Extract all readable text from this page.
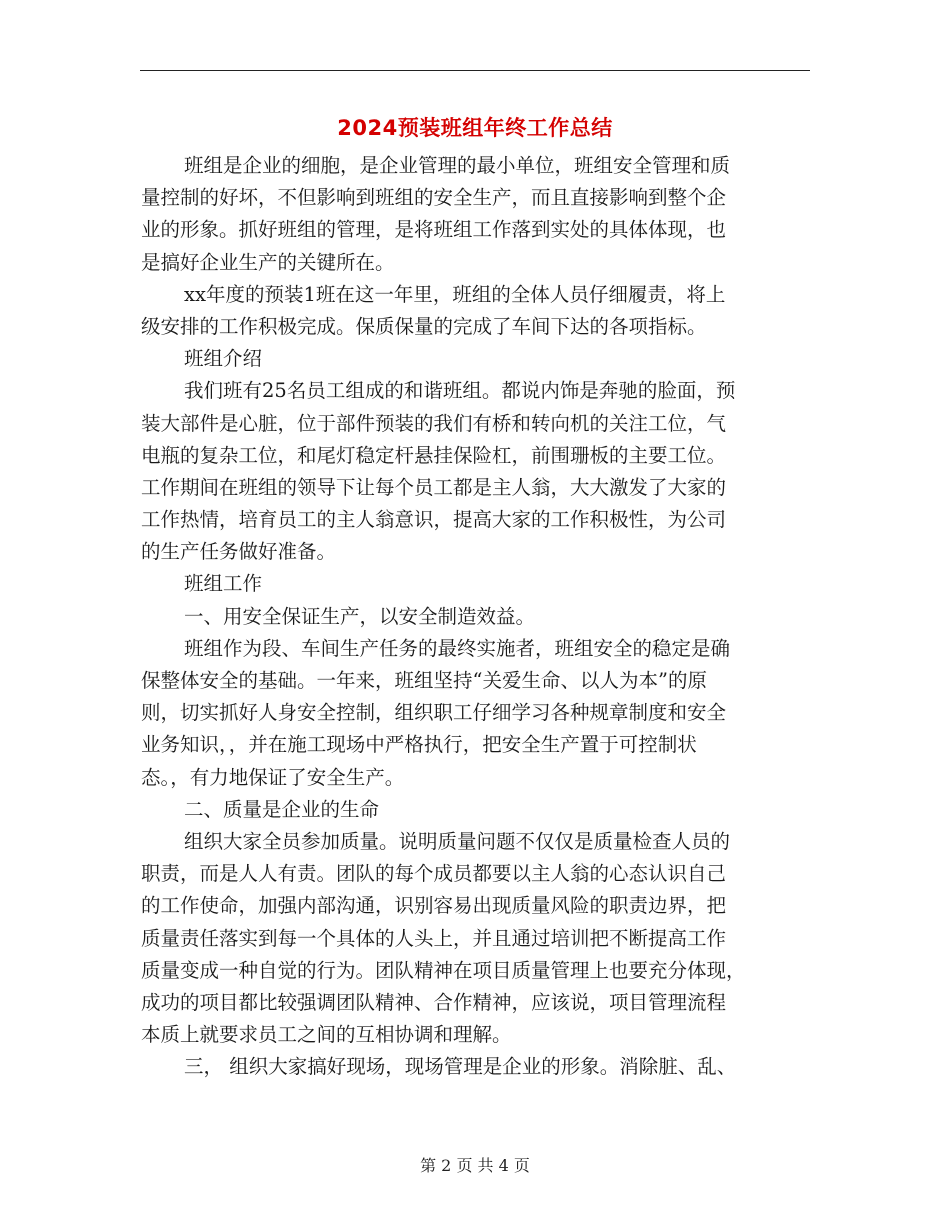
2024预装班组年终工作总结
班组是企业的细胞，是企业管理的最小单位，班组安全管理和质
量控制的好坏，不但影响到班组的安全生产，而且直接影响到整个企
业的形象。抓好班组的管理，是将班组工作落到实处的具体体现，也
是搞好企业生产的关键所在。
xx年度的预装1班在这一年里，班组的全体人员仔细履责，将上
级安排的工作积极完成。保质保量的完成了车间下达的各项指标。
班组介绍
我们班有25名员工组成的和谐班组。都说内饰是奔驰的脸面，预
装大部件是心脏，位于部件预装的我们有桥和转向机的关注工位，气
电瓶的复杂工位，和尾灯稳定杆悬挂保险杠，前围珊板的主要工位。
工作期间在班组的领导下让每个员工都是主人翁，大大激发了大家的
工作热情，培育员工的主人翁意识，提高大家的工作积极性，为公司
的生产任务做好准备。
班组工作
一、用安全保证生产，以安全制造效益。
班组作为段、车间生产任务的最终实施者，班组安全的稳定是确
保整体安全的基础。一年来，班组坚持“关爱生命、以人为本”的原
则，切实抓好人身安全控制，组织职工仔细学习各种规章制度和安全
业务知识，，并在施工现场中严格执行，把安全生产置于可控制状
态。，有力地保证了安全生产。
二、质量是企业的生命
组织大家全员参加质量。说明质量问题不仅仅是质量检查人员的
职责，而是人人有责。团队的每个成员都要以主人翁的心态认识自己
的工作使命，加强内部沟通，识别容易出现质量风险的职责边界，把
质量责任落实到每一个具体的人头上，并且通过培训把不断提高工作
质量变成一种自觉的行为。团队精神在项目质量管理上也要充分体现，
成功的项目都比较强调团队精神、合作精神，应该说，项目管理流程
本质上就要求员工之间的互相协调和理解。
三， 组织大家搞好现场，现场管理是企业的形象。消除脏、乱、
第 2 页 共 4 页
